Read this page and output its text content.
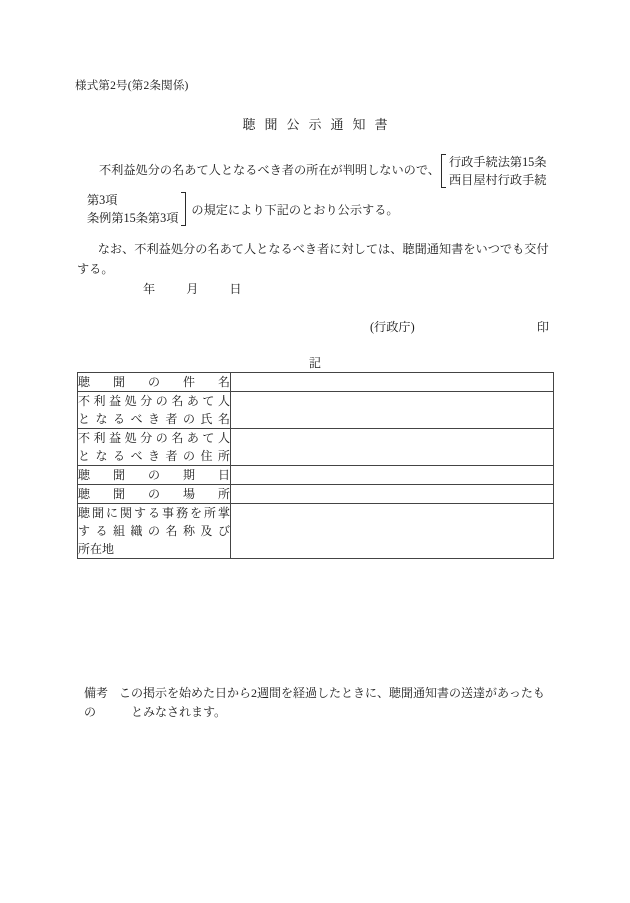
様式第2号(第2条関係)
聴聞公示通知書
不利益処分の名あて人となるべき者の所在が判明しないので、
行政手続法第15条
西目屋村行政手続
第3項
条例第15条第3項
の規定により下記のとおり公示する。
なお、不利益処分の名あて人となるべき者に対しては、聴聞通知書をいつでも交付する。
年 月 日
(行政庁)	印
記
聴聞の件名	

不利益処分の名あて人
となるべき者の氏名	

不利益処分の名あて人
となるべき者の住所	

聴聞の期日	

聴聞の場所	

聴聞に関する事務を所掌
する組織の名称及び
所在地	

備考 この掲示を始めた日から2週間を経過したときに、聴聞通知書の送達があったもの	とみなされます。
